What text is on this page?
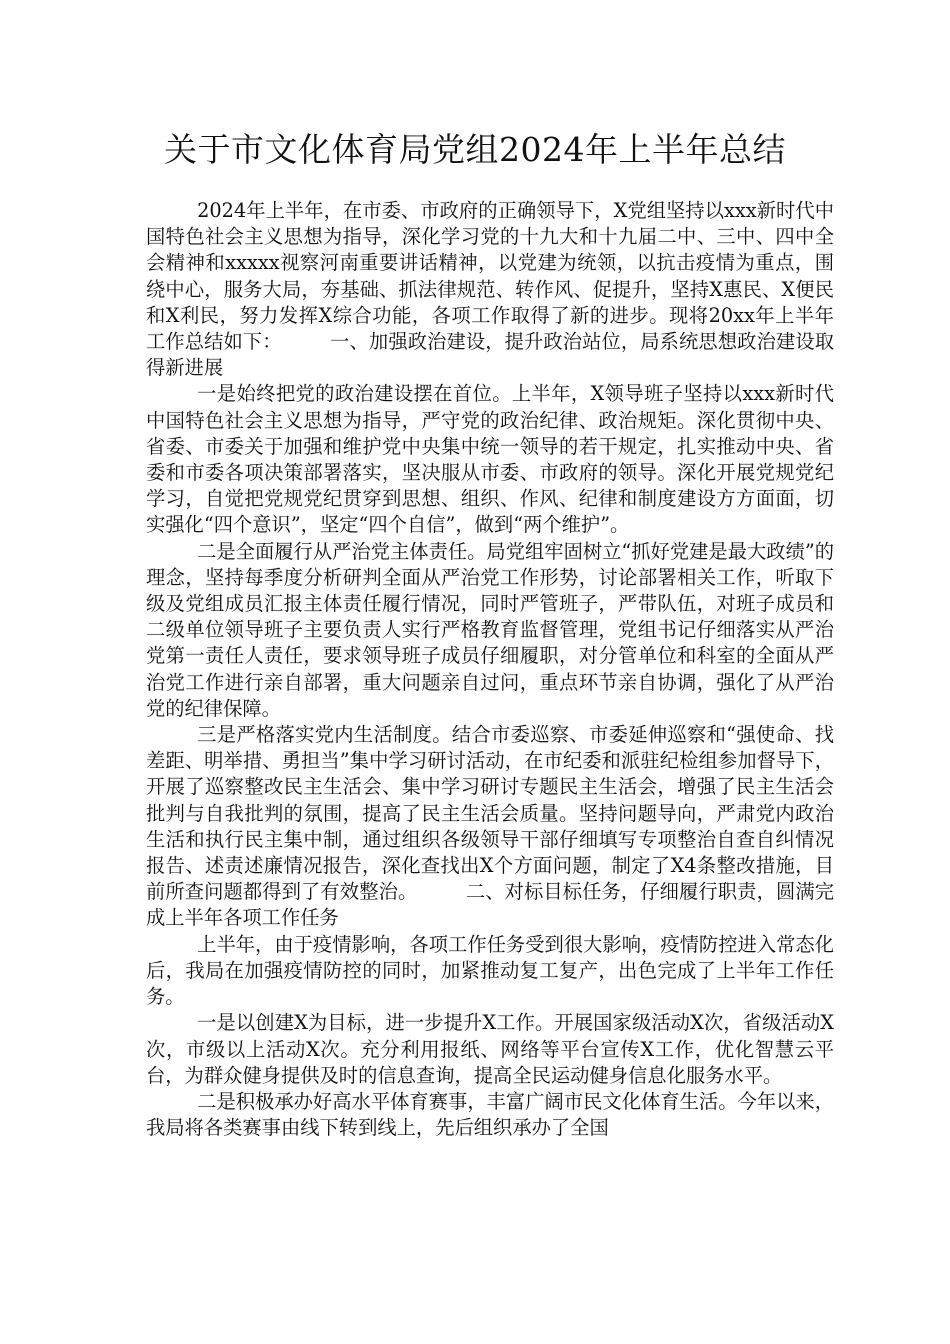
关于市文化体育局党组2024年上半年总结

2024年上半年，在市委、市政府的正确领导下，X党组坚持以xxx新时代中国特色社会主义思想为指导，深化学习党的十九大和十九届二中、三中、四中全会精神和xxxxx视察河南重要讲话精神，以党建为统领，以抗击疫情为重点，围绕中心，服务大局，夯基础、抓法律规范、转作风、促提升，坚持X惠民、X便民和X利民，努力发挥X综合功能，各项工作取得了新的进步。现将20xx年上半年工作总结如下：　　　一、加强政治建设，提升政治站位，局系统思想政治建设取得新进展

一是始终把党的政治建设摆在首位。上半年，X领导班子坚持以xxx新时代中国特色社会主义思想为指导，严守党的政治纪律、政治规矩。深化贯彻中央、省委、市委关于加强和维护党中央集中统一领导的若干规定，扎实推动中央、省委和市委各项决策部署落实，坚决服从市委、市政府的领导。深化开展党规党纪学习，自觉把党规党纪贯穿到思想、组织、作风、纪律和制度建设方方面面，切实强化“四个意识”，坚定“四个自信”，做到“两个维护”。

二是全面履行从严治党主体责任。局党组牢固树立“抓好党建是最大政绩”的理念，坚持每季度分析研判全面从严治党工作形势，讨论部署相关工作，听取下级及党组成员汇报主体责任履行情况，同时严管班子，严带队伍，对班子成员和二级单位领导班子主要负责人实行严格教育监督管理，党组书记仔细落实从严治党第一责任人责任，要求领导班子成员仔细履职，对分管单位和科室的全面从严治党工作进行亲自部署，重大问题亲自过问，重点环节亲自协调，强化了从严治党的纪律保障。

三是严格落实党内生活制度。结合市委巡察、市委延伸巡察和“强使命、找差距、明举措、勇担当”集中学习研讨活动，在市纪委和派驻纪检组参加督导下，开展了巡察整改民主生活会、集中学习研讨专题民主生活会，增强了民主生活会批判与自我批判的氛围，提高了民主生活会质量。坚持问题导向，严肃党内政治生活和执行民主集中制，通过组织各级领导干部仔细填写专项整治自查自纠情况报告、述责述廉情况报告，深化查找出X个方面问题，制定了X4条整改措施，目前所查问题都得到了有效整治。　　　二、对标目标任务，仔细履行职责，圆满完成上半年各项工作任务

上半年，由于疫情影响，各项工作任务受到很大影响，疫情防控进入常态化后，我局在加强疫情防控的同时，加紧推动复工复产，出色完成了上半年工作任务。

一是以创建X为目标，进一步提升X工作。开展国家级活动X次，省级活动X次，市级以上活动X次。充分利用报纸、网络等平台宣传X工作，优化智慧云平台，为群众健身提供及时的信息查询，提高全民运动健身信息化服务水平。

二是积极承办好高水平体育赛事，丰富广阔市民文化体育生活。今年以来，我局将各类赛事由线下转到线上，先后组织承办了全国
